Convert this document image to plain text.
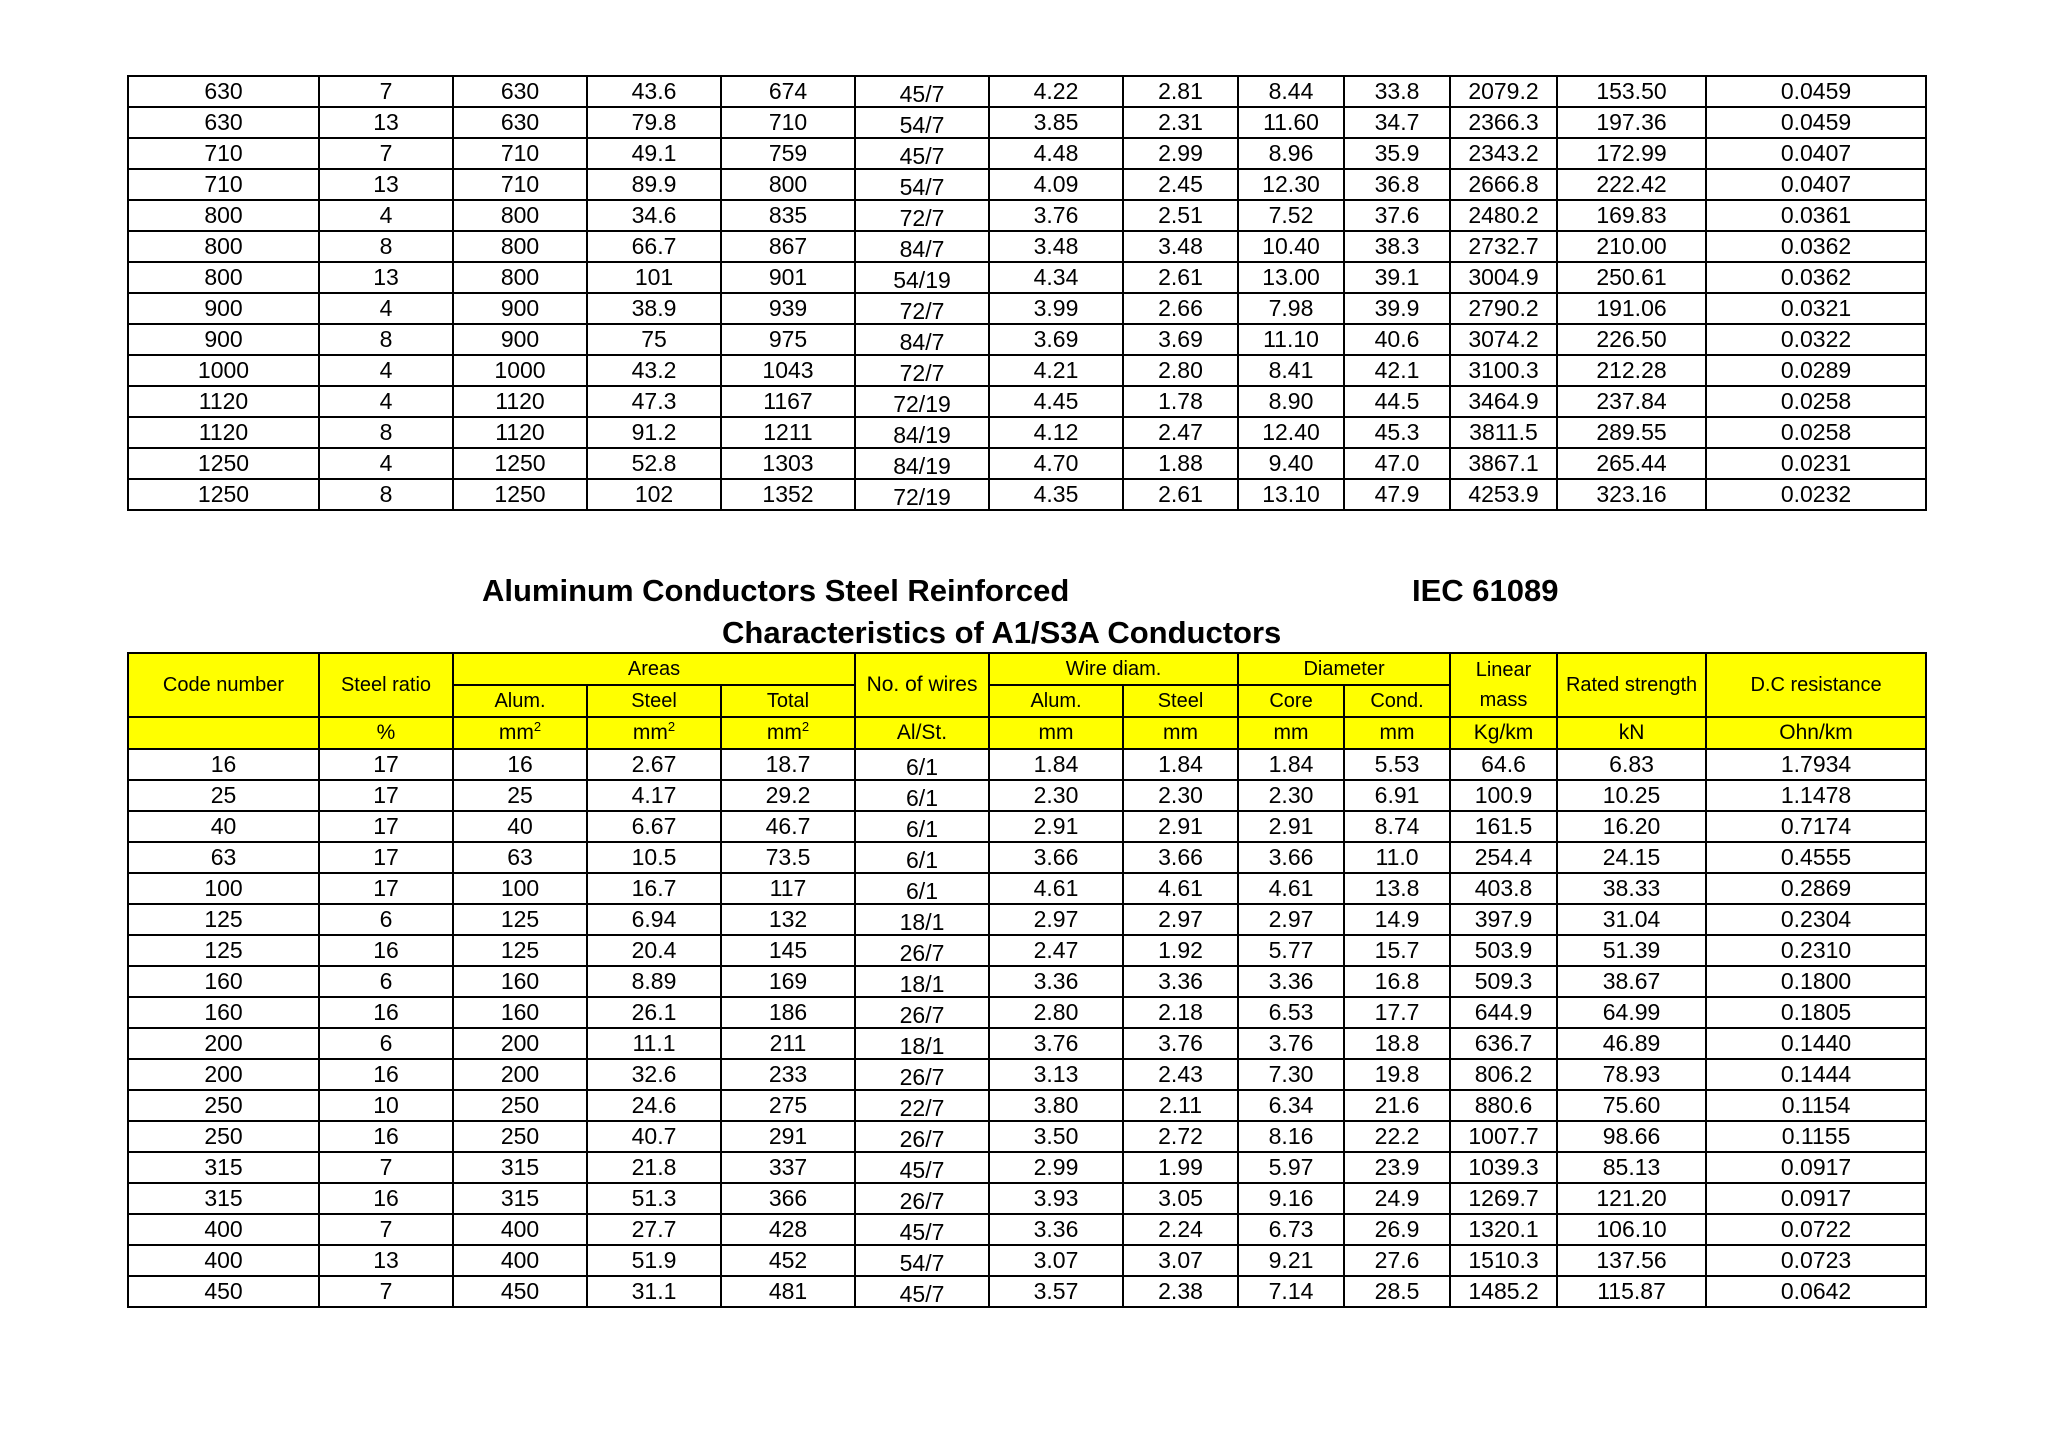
630	7	630	43.6	674	45/7	4.22	2.81	8.44	33.8	2079.2	153.50	0.0459
630	13	630	79.8	710	54/7	3.85	2.31	11.60	34.7	2366.3	197.36	0.0459
710	7	710	49.1	759	45/7	4.48	2.99	8.96	35.9	2343.2	172.99	0.0407
710	13	710	89.9	800	54/7	4.09	2.45	12.30	36.8	2666.8	222.42	0.0407
800	4	800	34.6	835	72/7	3.76	2.51	7.52	37.6	2480.2	169.83	0.0361
800	8	800	66.7	867	84/7	3.48	3.48	10.40	38.3	2732.7	210.00	0.0362
800	13	800	101	901	54/19	4.34	2.61	13.00	39.1	3004.9	250.61	0.0362
900	4	900	38.9	939	72/7	3.99	2.66	7.98	39.9	2790.2	191.06	0.0321
900	8	900	75	975	84/7	3.69	3.69	11.10	40.6	3074.2	226.50	0.0322
1000	4	1000	43.2	1043	72/7	4.21	2.80	8.41	42.1	3100.3	212.28	0.0289
1120	4	1120	47.3	1167	72/19	4.45	1.78	8.90	44.5	3464.9	237.84	0.0258
1120	8	1120	91.2	1211	84/19	4.12	2.47	12.40	45.3	3811.5	289.55	0.0258
1250	4	1250	52.8	1303	84/19	4.70	1.88	9.40	47.0	3867.1	265.44	0.0231
1250	8	1250	102	1352	72/19	4.35	2.61	13.10	47.9	4253.9	323.16	0.0232
Aluminum Conductors Steel Reinforced	IEC 61089
Characteristics of A1/S3A Conductors
Code number	Steel ratio	Areas			No. of wires	Wire diam.		Diameter		Linear mass	Rated strength	D.C resistance
		Alum.	Steel	Total		Alum.	Steel	Core	Cond.			
	%	$mm^2$	$mm^2$	$mm^2$	Al/St.	mm	mm	mm	mm	Kg/km	kN	Ohn/km
16	17	16	2.67	18.7	6/1	1.84	1.84	1.84	5.53	64.6	6.83	1.7934
25	17	25	4.17	29.2	6/1	2.30	2.30	2.30	6.91	100.9	10.25	1.1478
40	17	40	6.67	46.7	6/1	2.91	2.91	2.91	8.74	161.5	16.20	0.7174
63	17	63	10.5	73.5	6/1	3.66	3.66	3.66	11.0	254.4	24.15	0.4555
100	17	100	16.7	117	6/1	4.61	4.61	4.61	13.8	403.8	38.33	0.2869
125	6	125	6.94	132	18/1	2.97	2.97	2.97	14.9	397.9	31.04	0.2304
125	16	125	20.4	145	26/7	2.47	1.92	5.77	15.7	503.9	51.39	0.2310
160	6	160	8.89	169	18/1	3.36	3.36	3.36	16.8	509.3	38.67	0.1800
160	16	160	26.1	186	26/7	2.80	2.18	6.53	17.7	644.9	64.99	0.1805
200	6	200	11.1	211	18/1	3.76	3.76	3.76	18.8	636.7	46.89	0.1440
200	16	200	32.6	233	26/7	3.13	2.43	7.30	19.8	806.2	78.93	0.1444
250	10	250	24.6	275	22/7	3.80	2.11	6.34	21.6	880.6	75.60	0.1154
250	16	250	40.7	291	26/7	3.50	2.72	8.16	22.2	1007.7	98.66	0.1155
315	7	315	21.8	337	45/7	2.99	1.99	5.97	23.9	1039.3	85.13	0.0917
315	16	315	51.3	366	26/7	3.93	3.05	9.16	24.9	1269.7	121.20	0.0917
400	7	400	27.7	428	45/7	3.36	2.24	6.73	26.9	1320.1	106.10	0.0722
400	13	400	51.9	452	54/7	3.07	3.07	9.21	27.6	1510.3	137.56	0.0723
450	7	450	31.1	481	45/7	3.57	2.38	7.14	28.5	1485.2	115.87	0.0642
